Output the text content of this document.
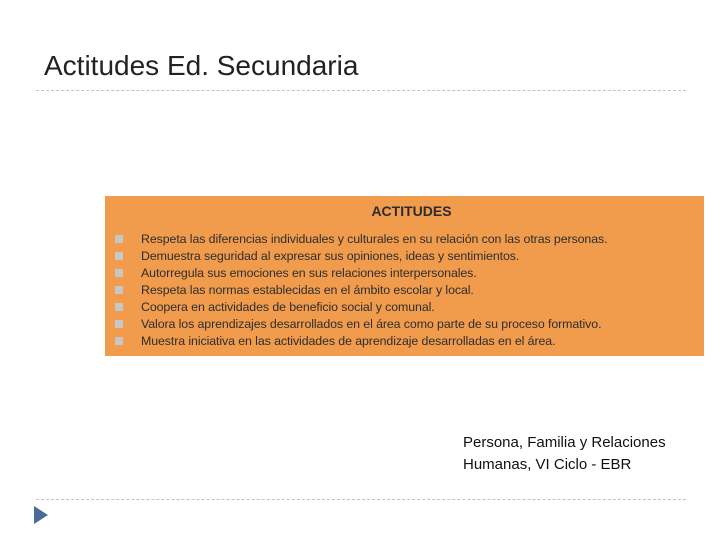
Actitudes Ed. Secundaria
ACTITUDES
Respeta las diferencias individuales y culturales en su relación con las otras personas.
Demuestra seguridad al expresar sus opiniones, ideas y sentimientos.
Autorregula sus emociones en sus relaciones interpersonales.
Respeta las normas establecidas en el ámbito escolar y local.
Coopera en actividades de beneficio social y comunal.
Valora los aprendizajes desarrollados en el área como parte de su proceso formativo.
Muestra iniciativa en las actividades de aprendizaje desarrolladas en el área.
Persona, Familia y Relaciones Humanas, VI Ciclo - EBR
